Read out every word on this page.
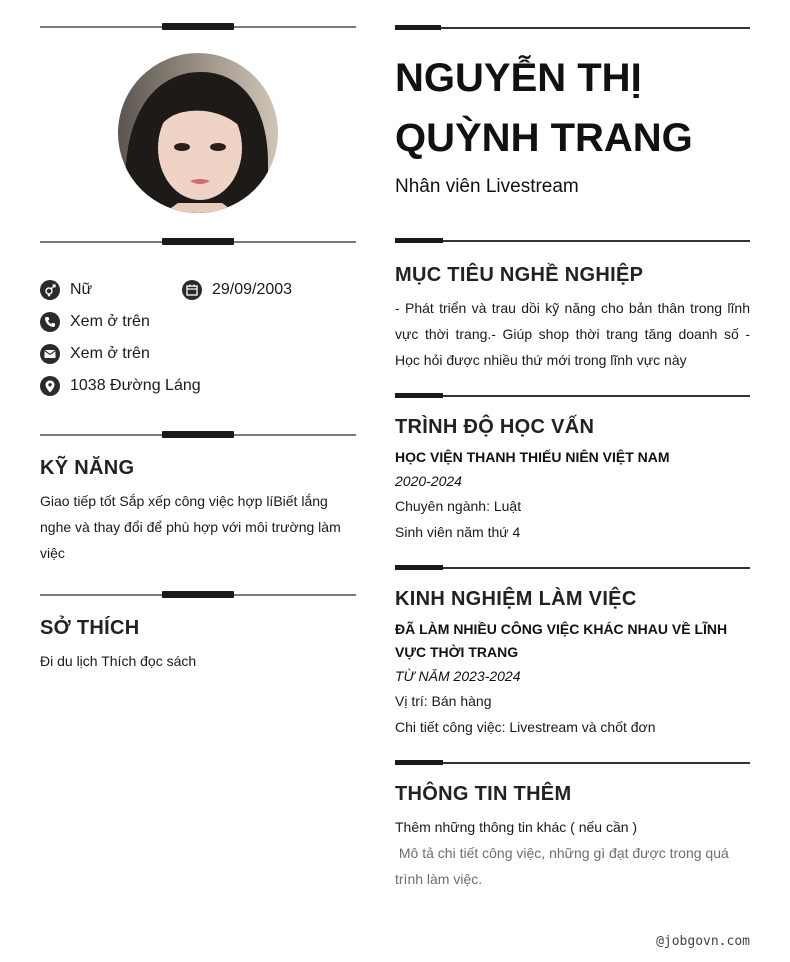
Nữ	29/09/2003
Xem ở trên
Xem ở trên
1038 Đường Láng
KỸ NĂNG
Giao tiếp tốt Sắp xếp công việc hợp líBiết lắng nghe và thay đổi để phù hợp với môi trường làm việc
SỞ THÍCH
Đi du lịch Thích đọc sách
NGUYỄN THỊ QUỲNH TRANG
Nhân viên Livestream
MỤC TIÊU NGHỀ NGHIỆP
- Phát triển và trau dồi kỹ năng cho bản thân trong lĩnh vực thời trang.- Giúp shop thời trang tăng doanh số - Học hỏi được nhiều thứ mới trong lĩnh vực này
TRÌNH ĐỘ HỌC VẤN
HỌC VIỆN THANH THIẾU NIÊN VIỆT NAM
2020-2024
Chuyên ngành: Luật
Sinh viên năm thứ 4
KINH NGHIỆM LÀM VIỆC
ĐÃ LÀM NHIỀU CÔNG VIỆC KHÁC NHAU VỀ LĨNH VỰC THỜI TRANG
TỪ NĂM 2023-2024
Vị trí: Bán hàng
Chi tiết công việc: Livestream và chốt đơn
THÔNG TIN THÊM
Thêm những thông tin khác ( nếu cần )
Mô tả chi tiết công việc, những gì đạt được trong quá trình làm việc.
@jobgovn.com
